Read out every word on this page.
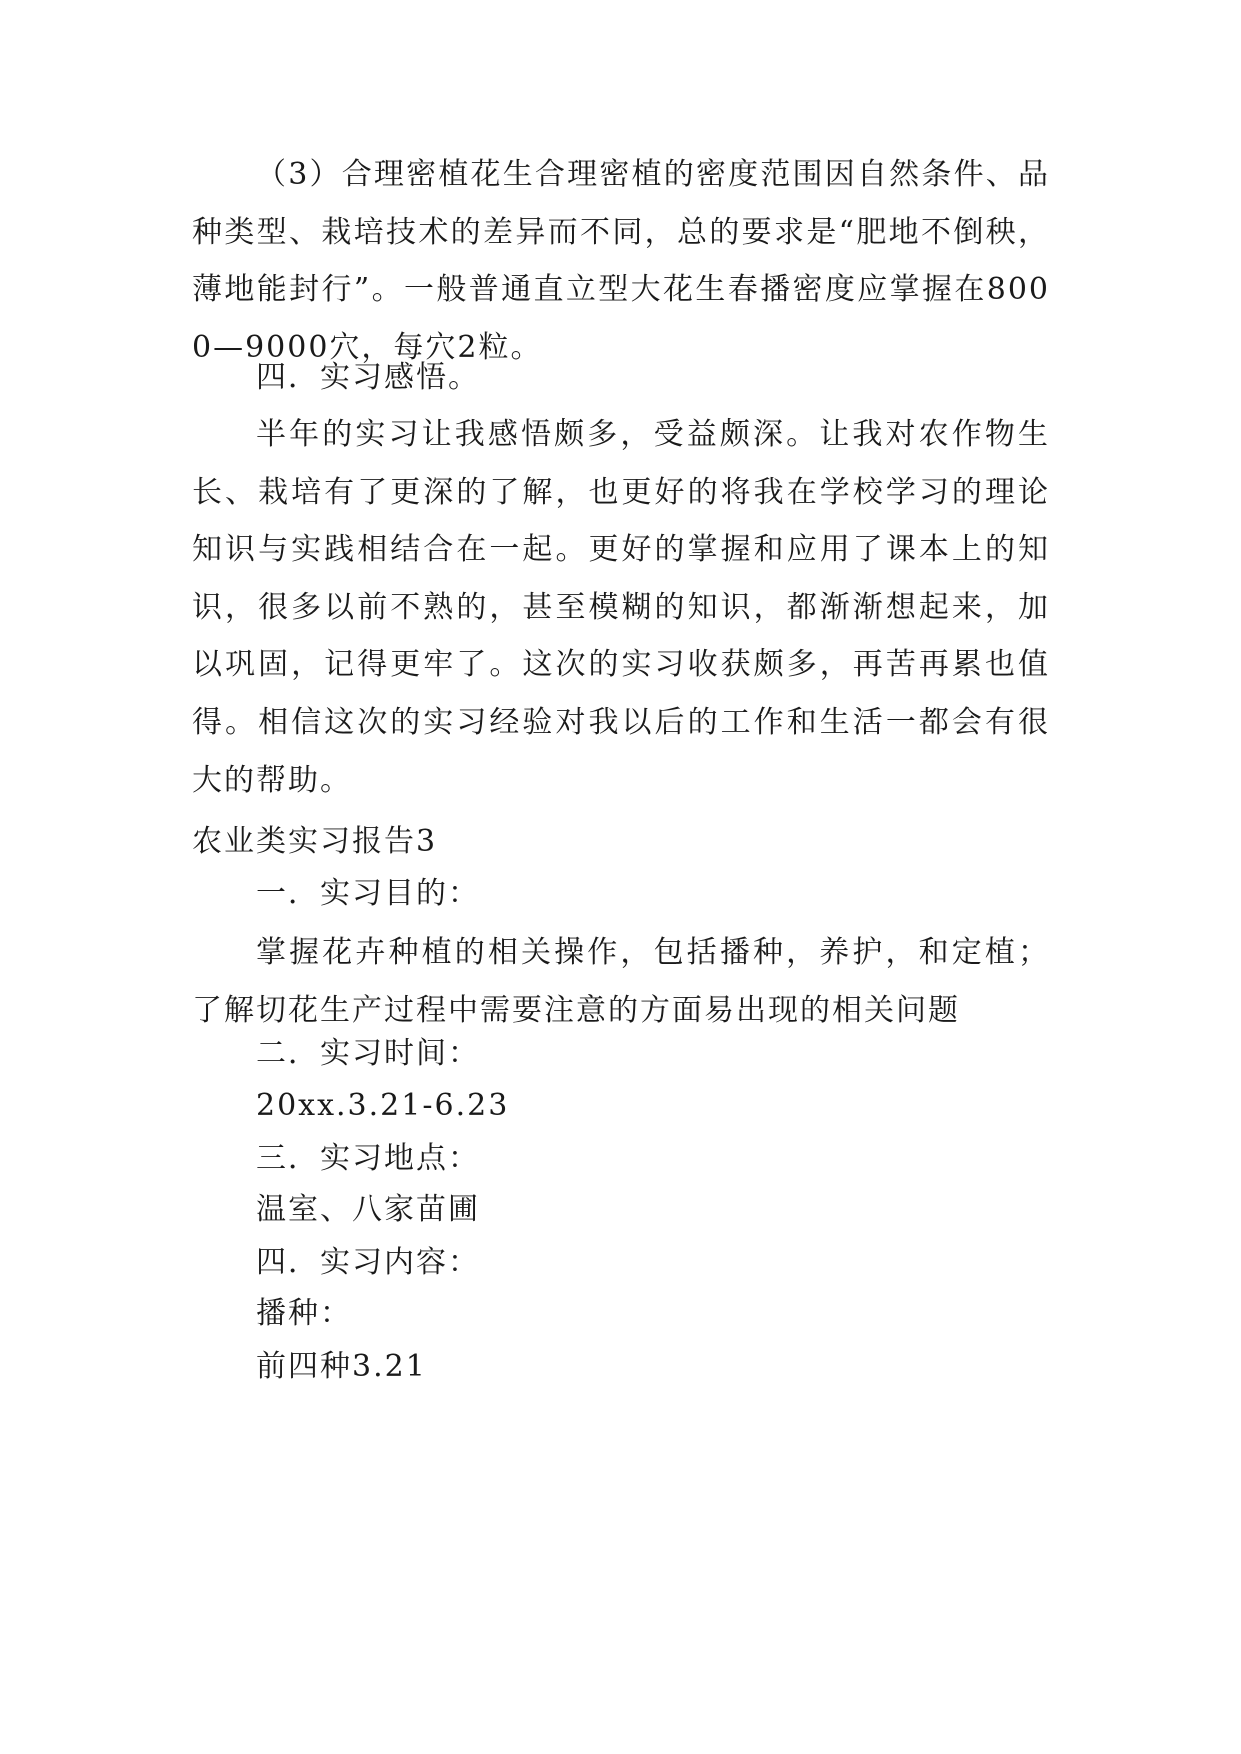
（3）合理密植花生合理密植的密度范围因自然条件、品种类型、栽培技术的差异而不同，总的要求是“肥地不倒秧，薄地能封行”。一般普通直立型大花生春播密度应掌握在8000—9000穴，每穴2粒。

四．实习感悟。

半年的实习让我感悟颇多，受益颇深。让我对农作物生长、栽培有了更深的了解，也更好的将我在学校学习的理论知识与实践相结合在一起。更好的掌握和应用了课本上的知识，很多以前不熟的，甚至模糊的知识，都渐渐想起来，加以巩固，记得更牢了。这次的实习收获颇多，再苦再累也值得。相信这次的实习经验对我以后的工作和生活一都会有很大的帮助。

农业类实习报告3
一．实习目的：

掌握花卉种植的相关操作，包括播种，养护，和定植；了解切花生产过程中需要注意的方面易出现的相关问题

二．实习时间：
20xx.3.21-6.23
三．实习地点：
温室、八家苗圃
四．实习内容：
播种：
前四种3.21
